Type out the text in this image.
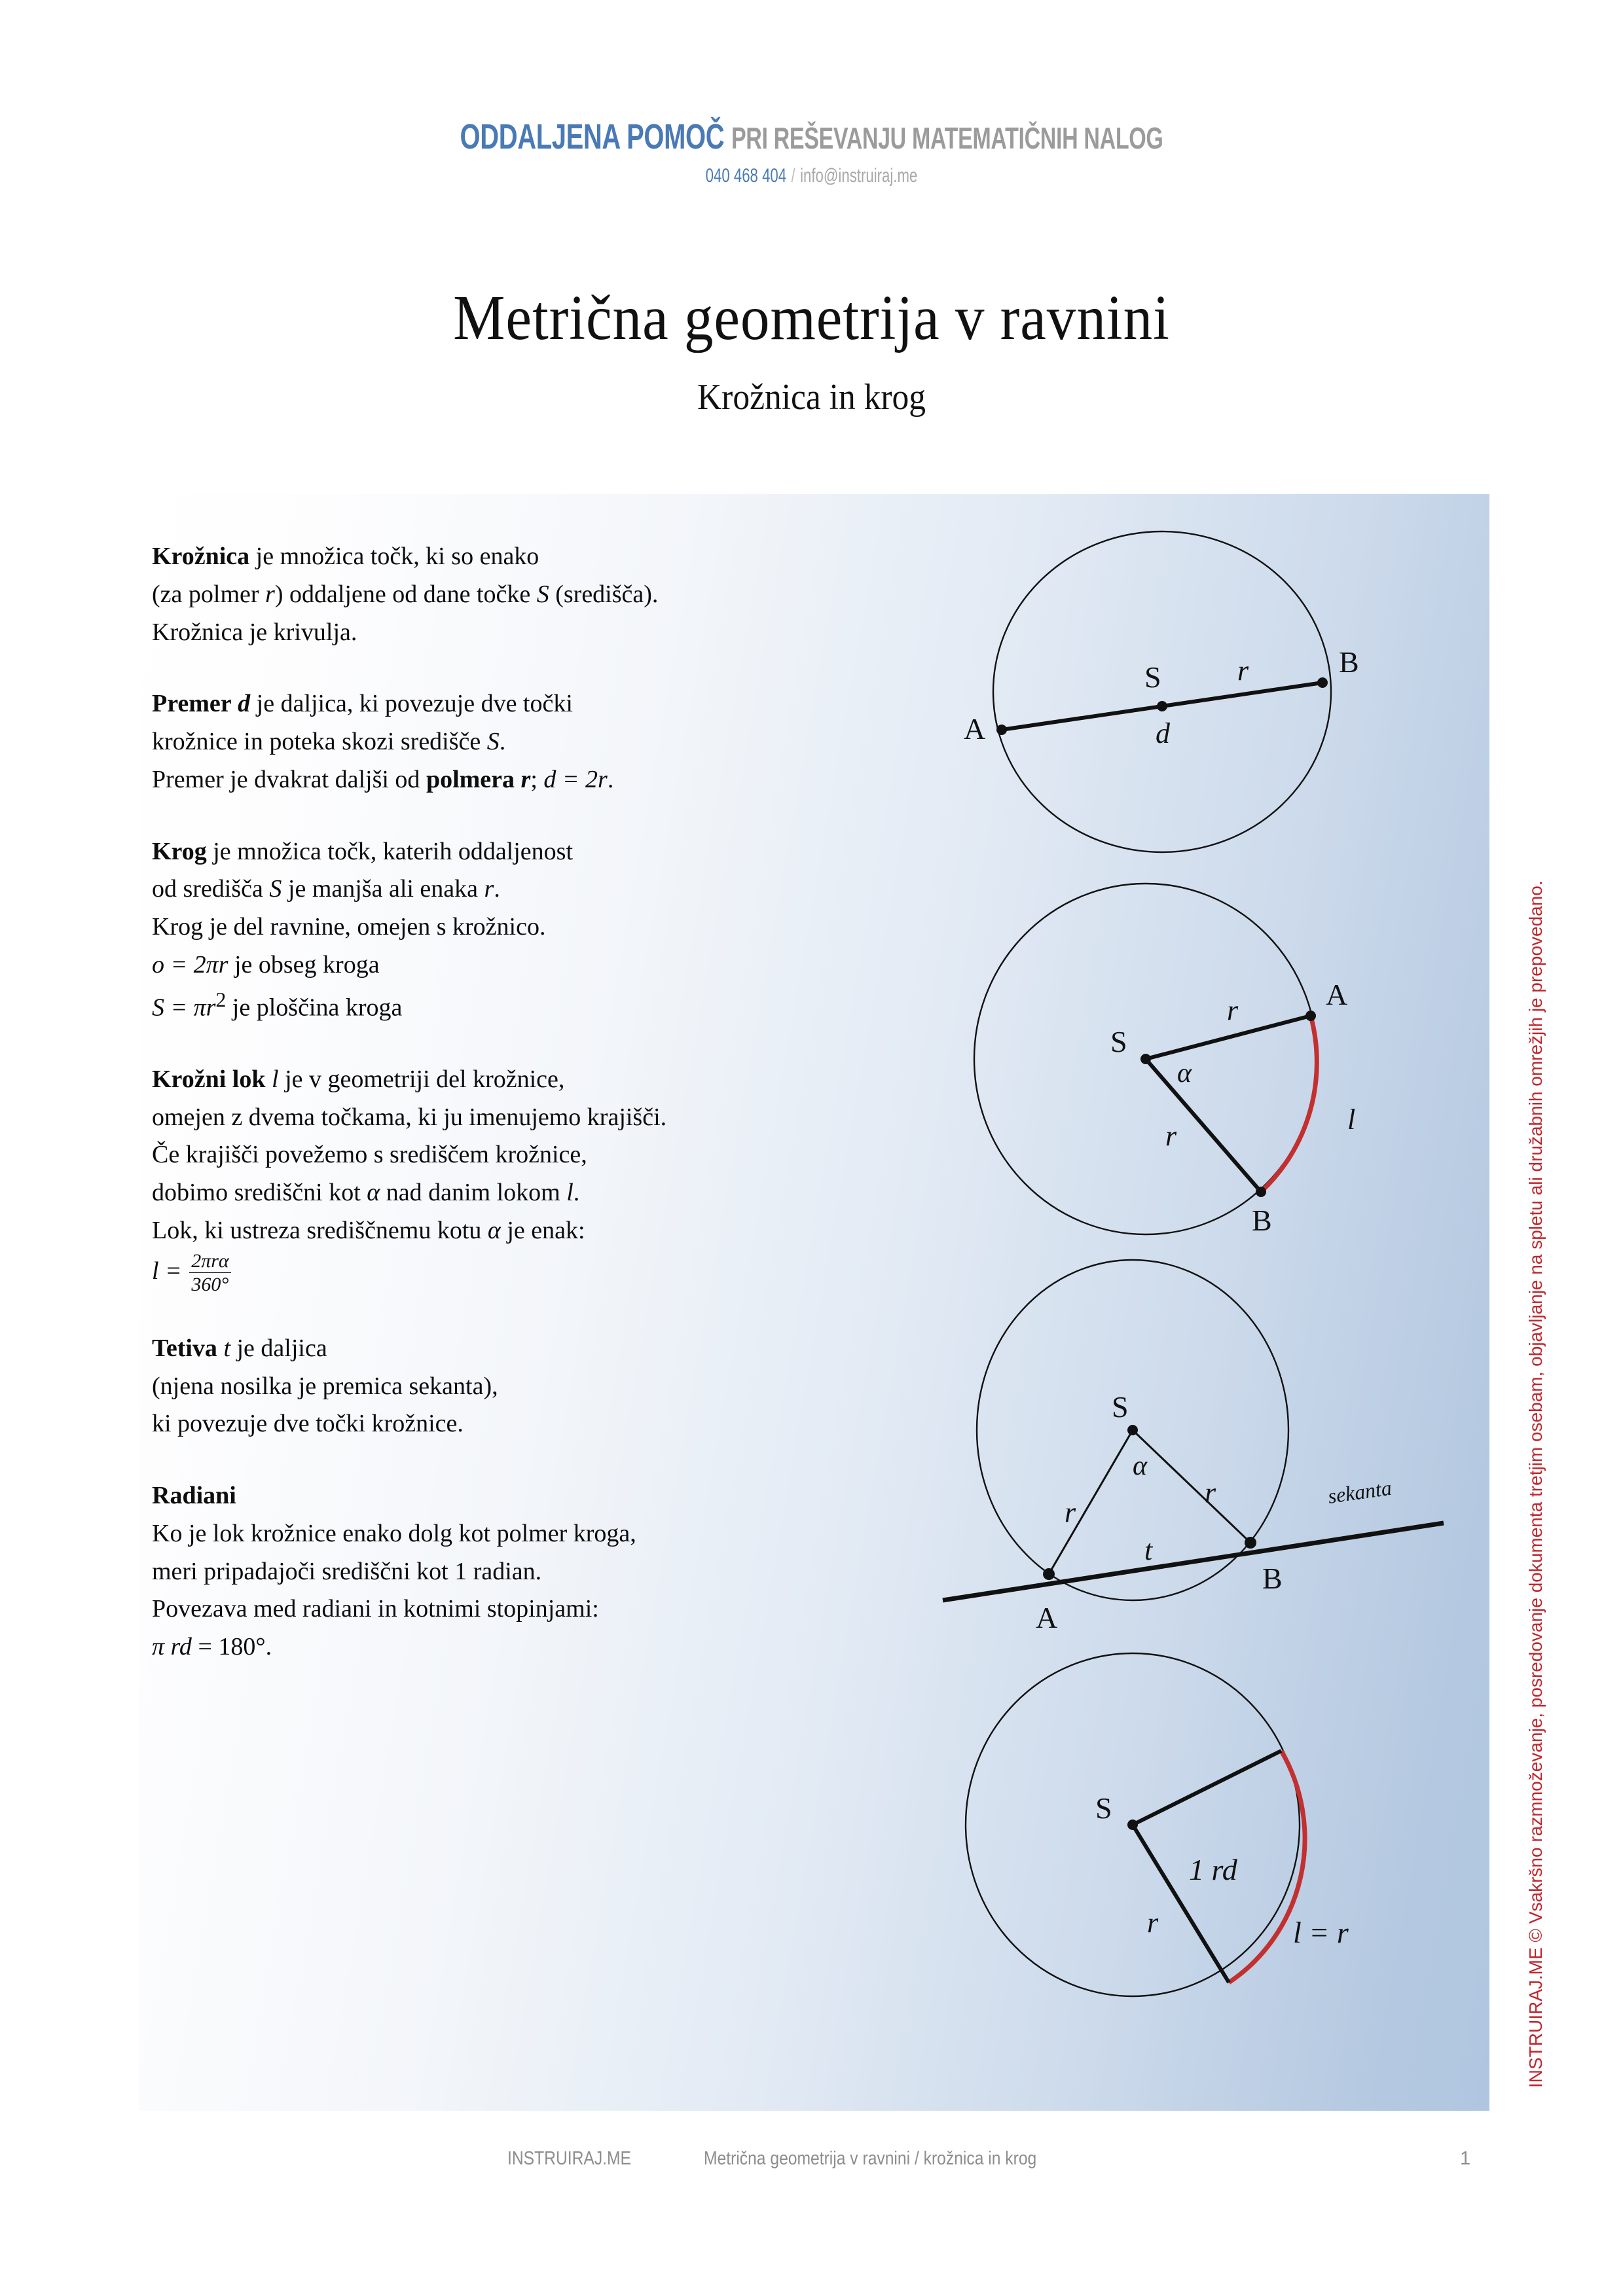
ODDALJENA POMOČ PRI REŠEVANJU MATEMATIČNIH NALOG
040 468 404 / info@instruiraj.me
Metrična geometrija v ravnini
Krožnica in krog
Krožnica je množica točk, ki so enako
(za polmer r) oddaljene od dane točke S (središča).
Krožnica je krivulja.
Premer d je daljica, ki povezuje dve točki
krožnice in poteka skozi središče S.
Premer je dvakrat daljši od polmera r; d = 2r.
Krog je množica točk, katerih oddaljenost
od središča S je manjša ali enaka r.
Krog je del ravnine, omejen s krožnico.
o = 2πr je obseg kroga
$S = \pi r^2$ je ploščina kroga
Krožni lok l je v geometriji del krožnice,
omejen z dvema točkama, ki ju imenujemo krajišči.
Če krajišči povežemo s središčem krožnice,
dobimo središčni kot α nad danim lokom l.
Lok, ki ustreza središčnemu kotu α je enak:
$l = \frac{\text{2πrα}}{360^\circ}$
Tetiva t je daljica
(njena nosilka je premica sekanta),
ki povezuje dve točki krožnice.
Radiani
Ko je lok krožnice enako dolg kot polmer kroga,
meri pripadajoči središčni kot 1 radian.
Povezava med radiani in kotnimi stopinjami:
π rd = 180°.
A
B
S
d
r
S
A
B
r
r
α
l
S
A
B
r
r
α
t
sekanta
S
r
1 rd
l = r	INSTRUIRAJ.ME © Vsakršno razmnoževanje, posredovanje dokumenta tretjim osebam, objavljanje na spletu ali družabnih omrežjih je prepovedano.
INSTRUIRAJ.ME	Metrična geometrija v ravnini / krožnica in krog	1
